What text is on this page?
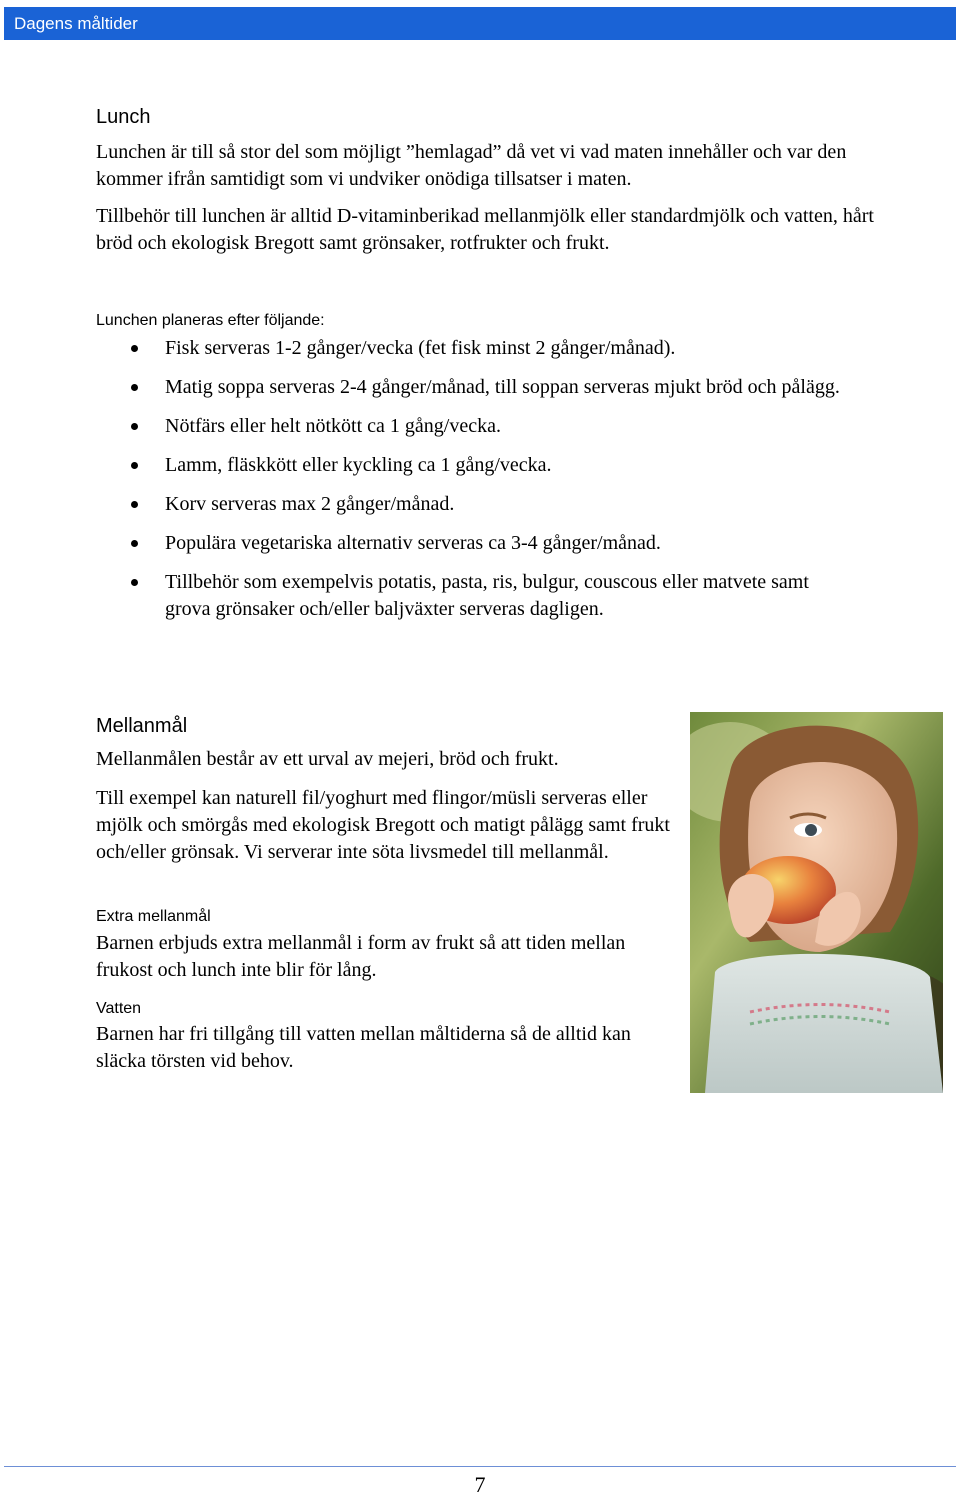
Dagens måltider
Lunch

Lunchen är till så stor del som möjligt ”hemlagad” då vet vi vad maten innehåller och var den kommer ifrån samtidigt som vi undviker onödiga tillsatser i maten.

Tillbehör till lunchen är alltid D-vitaminberikad mellanmjölk eller standardmjölk och vatten, hårt bröd och ekologisk Bregott samt grönsaker, rotfrukter och frukt.

Lunchen planeras efter följande:
Fisk serveras 1-2 gånger/vecka (fet fisk minst 2 gånger/månad).
Matig soppa serveras 2-4 gånger/månad, till soppan serveras mjukt bröd och pålägg.
Nötfärs eller helt nötkött ca 1 gång/vecka.
Lamm, fläskkött eller kyckling ca 1 gång/vecka.
Korv serveras max 2 gånger/månad.
Populära vegetariska alternativ serveras ca 3-4 gånger/månad.
Tillbehör som exempelvis potatis, pasta, ris, bulgur, couscous eller matvete samt grova grönsaker och/eller baljväxter serveras dagligen.
Mellanmål

Mellanmålen består av ett urval av mejeri, bröd och frukt.

Till exempel kan naturell fil/yoghurt med flingor/müsli serveras eller mjölk och smörgås med ekologisk Bregott och matigt pålägg samt frukt och/eller grönsak. Vi serverar inte söta livsmedel till mellanmål.

Extra mellanmål

Barnen erbjuds extra mellanmål i form av frukt så att tiden mellan frukost och lunch inte blir för lång.

Vatten

Barnen har fri tillgång till vatten mellan måltiderna så de alltid kan släcka törsten vid behov.

7
